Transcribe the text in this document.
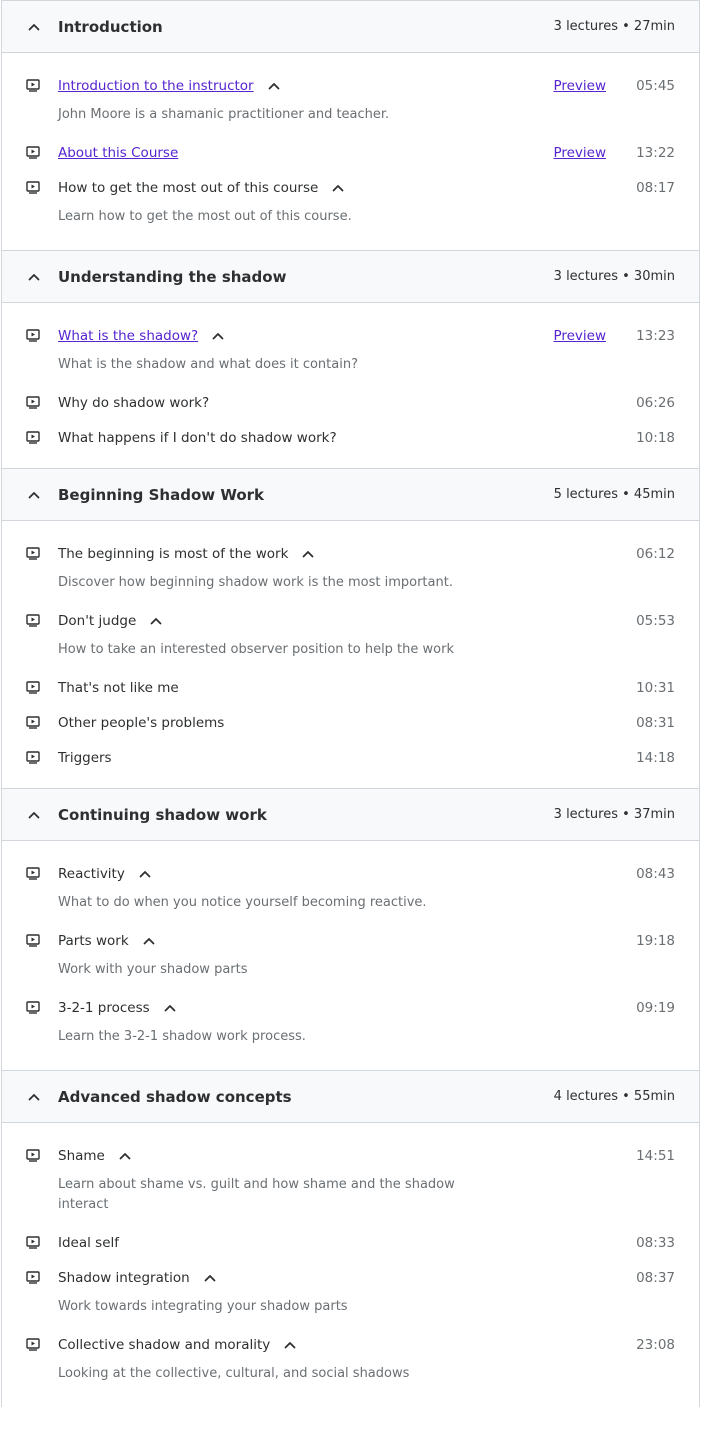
Introduction	3 lectures • 27min
Introduction to the instructor	Preview 05:45
John Moore is a shamanic practitioner and teacher.
About this Course	Preview 13:22
How to get the most out of this course	08:17
Learn how to get the most out of this course.
Understanding the shadow	3 lectures • 30min
What is the shadow?	Preview 13:23
What is the shadow and what does it contain?
Why do shadow work?	06:26
What happens if I don't do shadow work?	10:18
Beginning Shadow Work	5 lectures • 45min
The beginning is most of the work	06:12
Discover how beginning shadow work is the most important.
Don't judge	05:53
How to take an interested observer position to help the work
That's not like me	10:31
Other people's problems	08:31
Triggers	14:18
Continuing shadow work	3 lectures • 37min
Reactivity	08:43
What to do when you notice yourself becoming reactive.
Parts work	19:18
Work with your shadow parts
3-2-1 process	09:19
Learn the 3-2-1 shadow work process.
Advanced shadow concepts	4 lectures • 55min
Shame	14:51
Learn about shame vs. guilt and how shame and the shadow interact
Ideal self	08:33
Shadow integration	08:37
Work towards integrating your shadow parts
Collective shadow and morality	23:08
Looking at the collective, cultural, and social shadows
